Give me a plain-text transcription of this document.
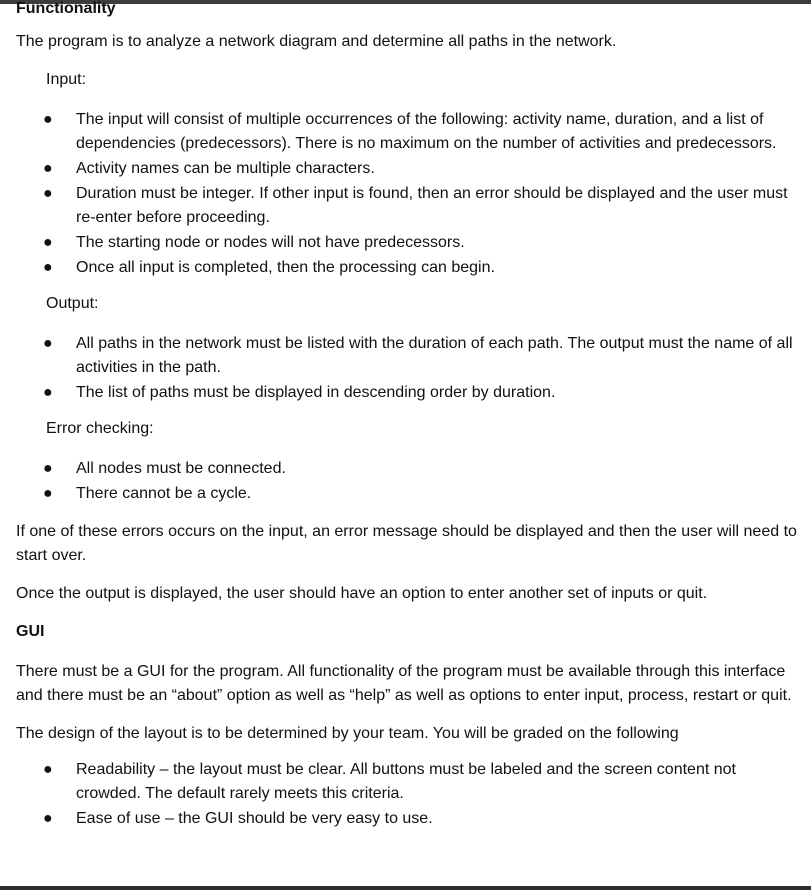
Functionality

The program is to analyze a network diagram and determine all paths in the network.

Input:

● The input will consist of multiple occurrences of the following: activity name, duration, and a list of dependencies (predecessors). There is no maximum on the number of activities and predecessors.
● Activity names can be multiple characters.
● Duration must be integer. If other input is found, then an error should be displayed and the user must re-enter before proceeding.
● The starting node or nodes will not have predecessors.
● Once all input is completed, then the processing can begin.

Output:

● All paths in the network must be listed with the duration of each path. The output must the name of all activities in the path.
● The list of paths must be displayed in descending order by duration.

Error checking:

● All nodes must be connected.
● There cannot be a cycle.

If one of these errors occurs on the input, an error message should be displayed and then the user will need to start over.

Once the output is displayed, the user should have an option to enter another set of inputs or quit.

GUI

There must be a GUI for the program. All functionality of the program must be available through this interface and there must be an “about” option as well as “help” as well as options to enter input, process, restart or quit.

The design of the layout is to be determined by your team. You will be graded on the following

● Readability – the layout must be clear. All buttons must be labeled and the screen content not crowded. The default rarely meets this criteria.
● Ease of use – the GUI should be very easy to use.
